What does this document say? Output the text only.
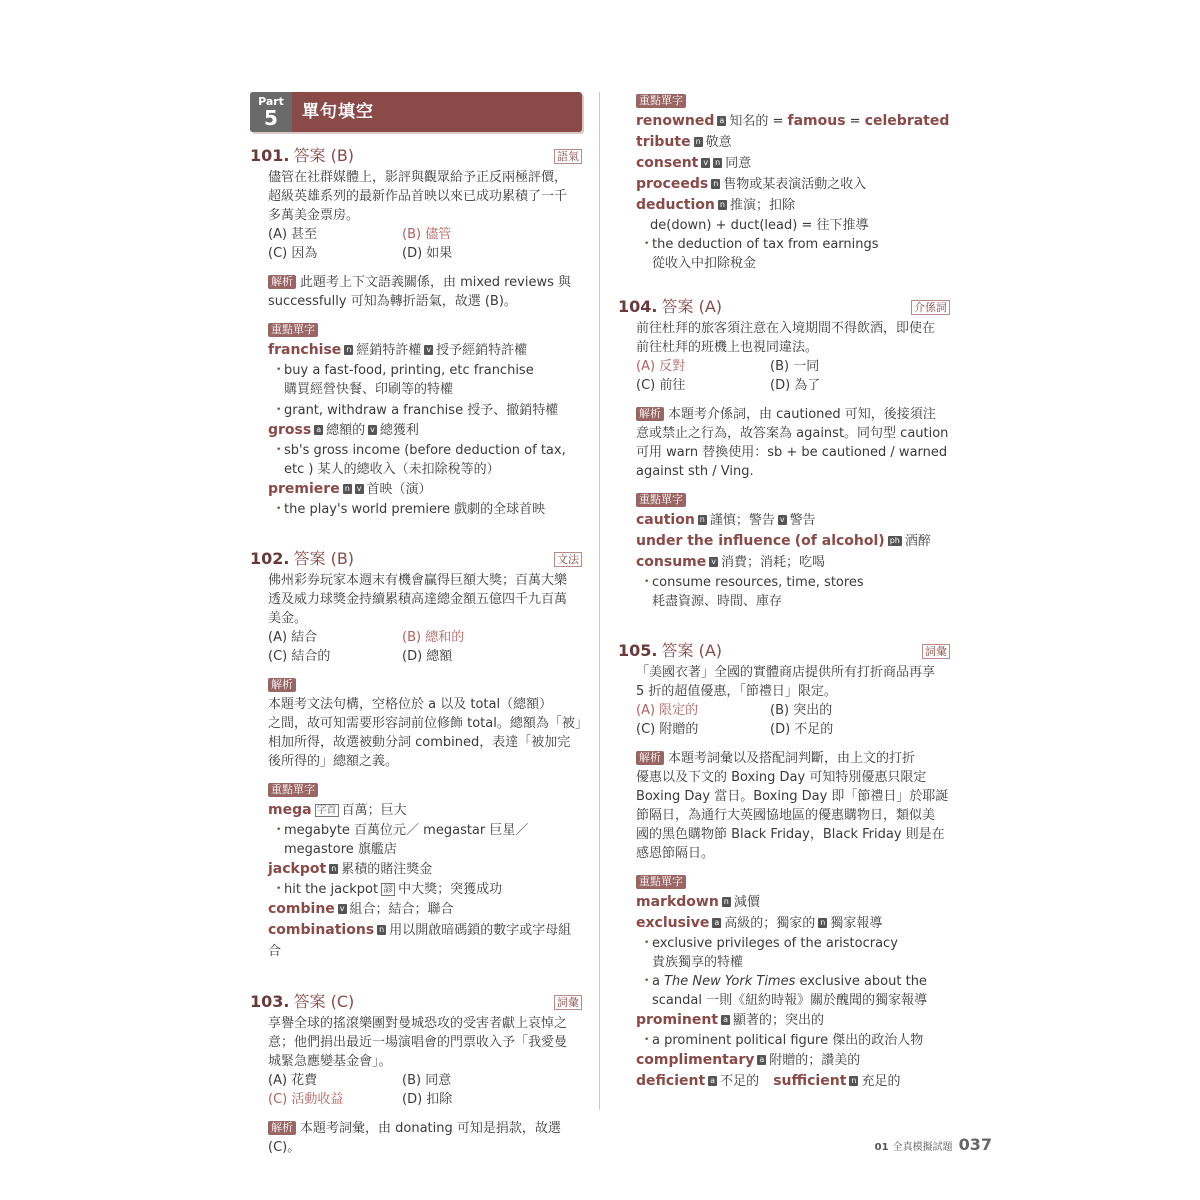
Part
5 單句填空
101. 答案 (B)	語氣
儘管在社群媒體上，影評與觀眾給予正反兩極評價，
超級英雄系列的最新作品首映以來已成功累積了一千
多萬美金票房。
(A) 甚至	(B) 儘管
(C) 因為	(D) 如果
解析 此題考上下文語義關係，由 mixed reviews 與
successfully 可知為轉折語氣，故選 (B)。
重點單字
franchise n 經銷特許權 v 授予經銷特許權
• buy a fast-food, printing, etc franchise
購買經營快餐、印刷等的特權
• grant, withdraw a franchise 授予、撤銷特權
gross a 總額的 v 總獲利
• sb's gross income (before deduction of tax,
etc ) 某人的總收入（未扣除稅等的）
premiere n v 首映（演）
• the play's world premiere 戲劇的全球首映
102. 答案 (B)	文法
佛州彩券玩家本週末有機會贏得巨額大獎；百萬大樂
透及威力球獎金持續累積高達總金額五億四千九百萬
美金。
(A) 結合	(B) 總和的
(C) 結合的	(D) 總額
解析本題考文法句構，空格位於 a 以及 total（總額）
之間，故可知需要形容詞前位修飾 total。總額為「被」
相加所得，故選被動分詞 combined，表達「被加完
後所得的」總額之義。
重點單字
mega 字首 百萬；巨大
• megabyte 百萬位元／ megastar 巨星／
megastore 旗艦店
jackpot n 累積的賭注獎金
• hit the jackpot 諺 中大獎；突獲成功
combine v 組合；結合；聯合
combinations n 用以開啟暗碼鎖的數字或字母組合
103. 答案 (C)	詞彙
享譽全球的搖滾樂團對曼城恐攻的受害者獻上哀悼之
意；他們捐出最近一場演唱會的門票收入予「我愛曼
城緊急應變基金會」。
(A) 花費	(B) 同意
(C) 活動收益	(D) 扣除
解析 本題考詞彙，由 donating 可知是捐款，故選
(C)。
重點單字
renowned a 知名的 = famous = celebrated
tribute n 敬意
consent v n 同意
proceeds n 售物或某表演活動之收入
deduction n 推演；扣除
de(down) + duct(lead) = 往下推導
• the deduction of tax from earnings
從收入中扣除稅金
104. 答案 (A)	介係詞
前往杜拜的旅客須注意在入境期間不得飲酒，即使在
前往杜拜的班機上也視同違法。
(A) 反對	(B) 一同
(C) 前往	(D) 為了
解析 本題考介係詞，由 cautioned 可知，後接須注
意或禁止之行為，故答案為 against。同句型 caution
可用 warn 替換使用：sb + be cautioned / warned
against sth / Ving.
重點單字
caution n 謹慎；警告 v 警告
under the influence (of alcohol) ph 酒醉
consume v 消費；消耗；吃喝
• consume resources, time, stores
耗盡資源、時間、庫存
105. 答案 (A)	詞彙
「美國衣著」全國的實體商店提供所有打折商品再享
5 折的超值優惠，「節禮日」限定。
(A) 限定的	(B) 突出的
(C) 附贈的	(D) 不足的
解析 本題考詞彙以及搭配詞判斷，由上文的打折
優惠以及下文的 Boxing Day 可知特別優惠只限定
Boxing Day 當日。Boxing Day 即「節禮日」於耶誕
節隔日，為通行大英國協地區的優惠購物日，類似美
國的黑色購物節 Black Friday，Black Friday 則是在
感恩節隔日。
重點單字
markdown n 減價
exclusive a 高級的；獨家的 n 獨家報導
• exclusive privileges of the aristocracy
貴族獨享的特權
• a The New York Times exclusive about the
scandal 一則《紐約時報》關於醜聞的獨家報導
prominent a 顯著的；突出的
• a prominent political figure 傑出的政治人物
complimentary a 附贈的；讚美的
deficient a 不足的 sufficient n 充足的
01 全真模擬試題 037
